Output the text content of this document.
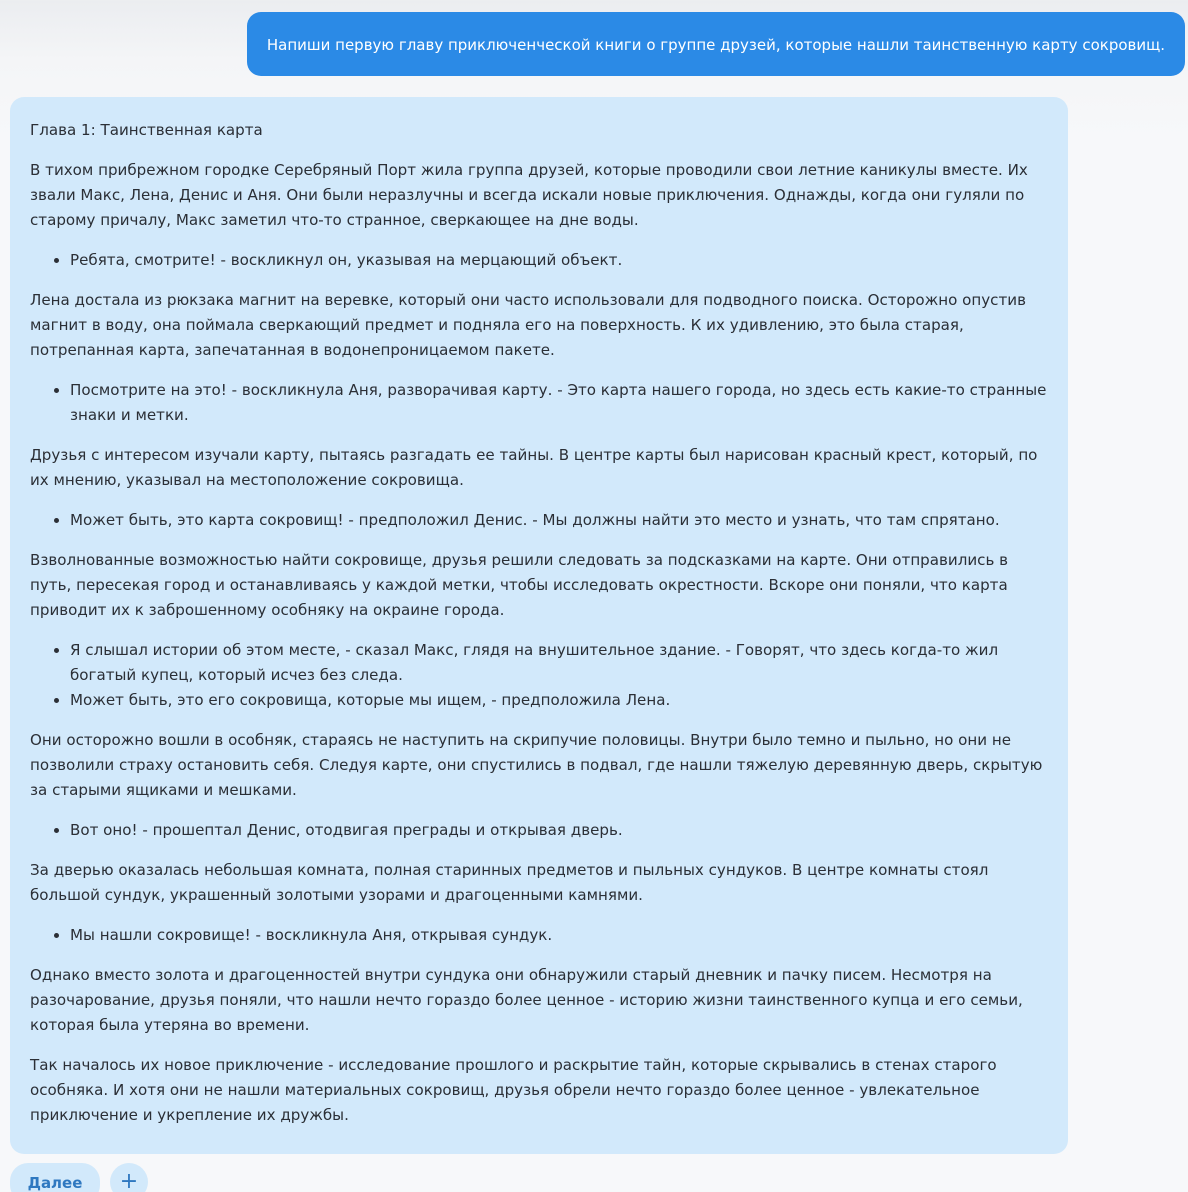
Напиши первую главу приключенческой книги о группе друзей, которые нашли таинственную карту сокровищ.

Глава 1: Таинственная карта

В тихом прибрежном городке Серебряный Порт жила группа друзей, которые проводили свои летние каникулы вместе. Их звали Макс, Лена, Денис и Аня. Они были неразлучны и всегда искали новые приключения. Однажды, когда они гуляли по старому причалу, Макс заметил что-то странное, сверкающее на дне воды.

• Ребята, смотрите! - воскликнул он, указывая на мерцающий объект.

Лена достала из рюкзака магнит на веревке, который они часто использовали для подводного поиска. Осторожно опустив магнит в воду, она поймала сверкающий предмет и подняла его на поверхность. К их удивлению, это была старая, потрепанная карта, запечатанная в водонепроницаемом пакете.

• Посмотрите на это! - воскликнула Аня, разворачивая карту. - Это карта нашего города, но здесь есть какие-то странные знаки и метки.

Друзья с интересом изучали карту, пытаясь разгадать ее тайны. В центре карты был нарисован красный крест, который, по их мнению, указывал на местоположение сокровища.

• Может быть, это карта сокровищ! - предположил Денис. - Мы должны найти это место и узнать, что там спрятано.

Взволнованные возможностью найти сокровище, друзья решили следовать за подсказками на карте. Они отправились в путь, пересекая город и останавливаясь у каждой метки, чтобы исследовать окрестности. Вскоре они поняли, что карта приводит их к заброшенному особняку на окраине города.

• Я слышал истории об этом месте, - сказал Макс, глядя на внушительное здание. - Говорят, что здесь когда-то жил богатый купец, который исчез без следа.
• Может быть, это его сокровища, которые мы ищем, - предположила Лена.

Они осторожно вошли в особняк, стараясь не наступить на скрипучие половицы. Внутри было темно и пыльно, но они не позволили страху остановить себя. Следуя карте, они спустились в подвал, где нашли тяжелую деревянную дверь, скрытую за старыми ящиками и мешками.

• Вот оно! - прошептал Денис, отодвигая преграды и открывая дверь.

За дверью оказалась небольшая комната, полная старинных предметов и пыльных сундуков. В центре комнаты стоял большой сундук, украшенный золотыми узорами и драгоценными камнями.

• Мы нашли сокровище! - воскликнула Аня, открывая сундук.

Однако вместо золота и драгоценностей внутри сундука они обнаружили старый дневник и пачку писем. Несмотря на разочарование, друзья поняли, что нашли нечто гораздо более ценное - историю жизни таинственного купца и его семьи, которая была утеряна во времени.

Так началось их новое приключение - исследование прошлого и раскрытие тайн, которые скрывались в стенах старого особняка. И хотя они не нашли материальных сокровищ, друзья обрели нечто гораздо более ценное - увлекательное приключение и укрепление их дружбы.

Далее	+
